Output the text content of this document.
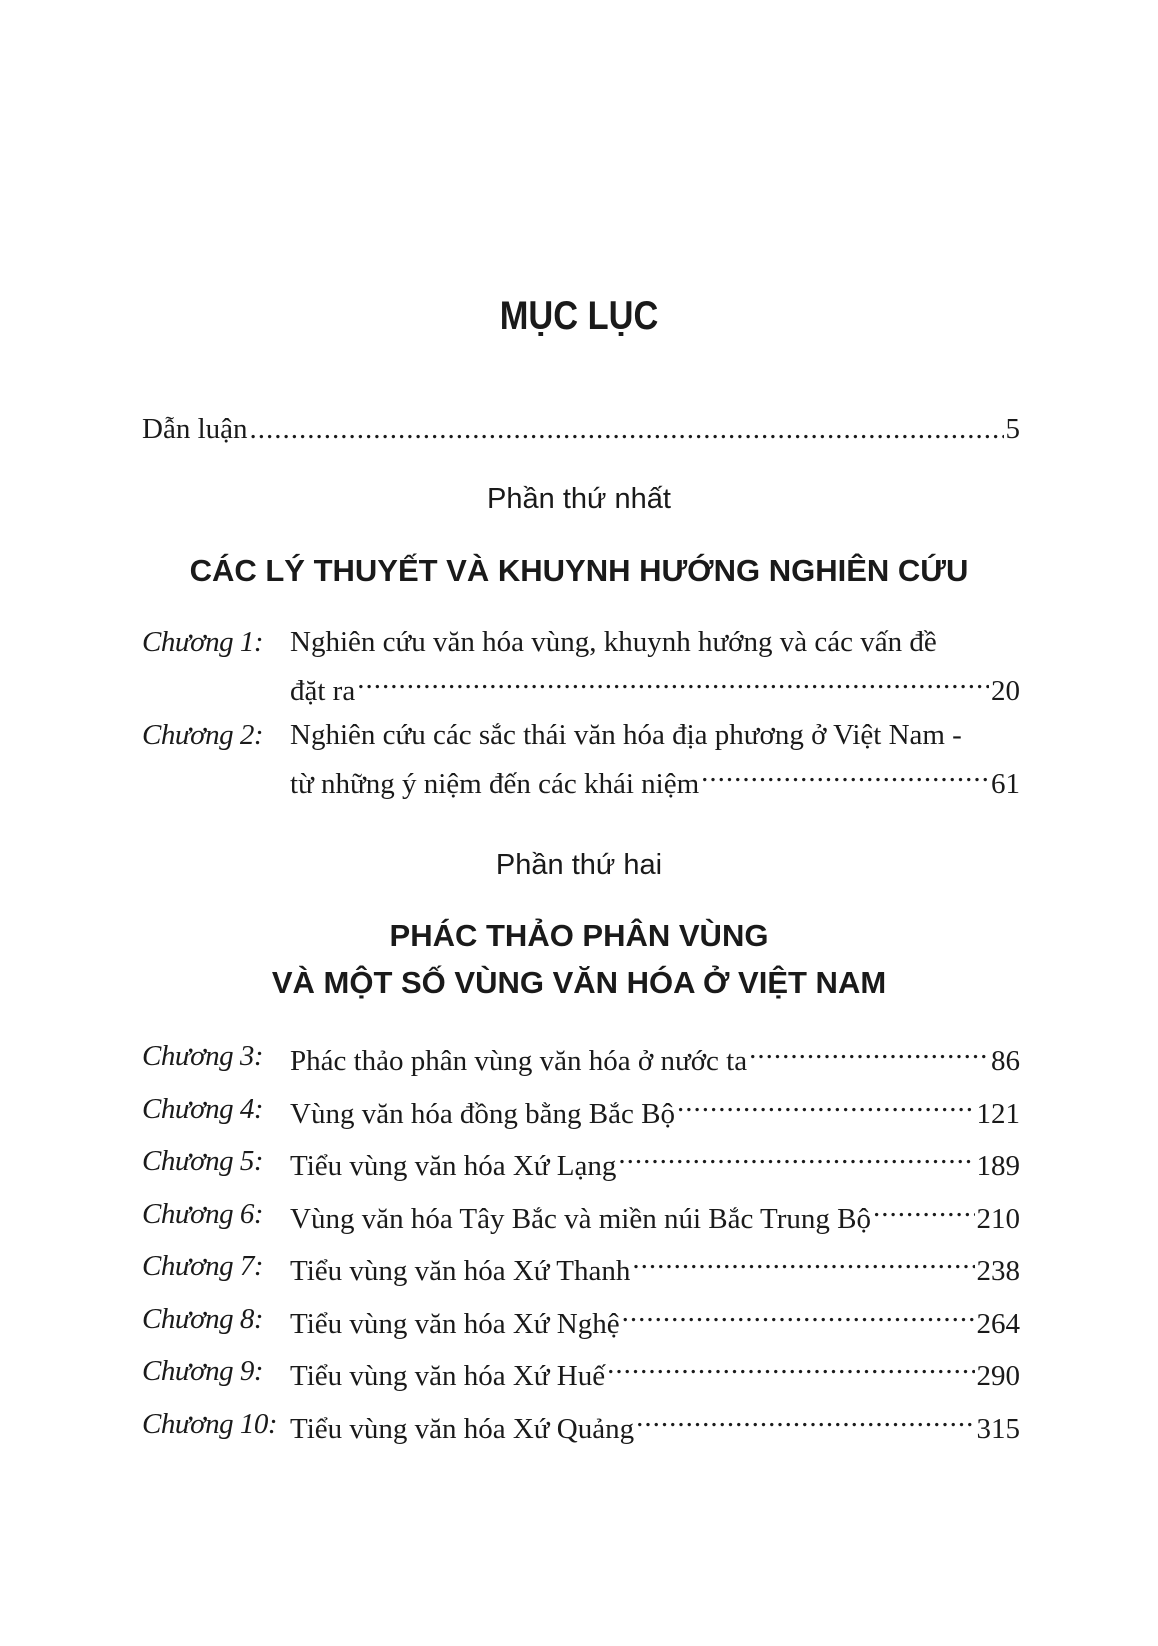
MỤC LỤC
Dẫn luận .....	5
Phần thứ nhất
CÁC LÝ THUYẾT VÀ KHUYNH HƯỚNG NGHIÊN CỨU
Chương 1: Nghiên cứu văn hóa vùng, khuynh hướng và các vấn đề
đặt ra .....	20
Chương 2: Nghiên cứu các sắc thái văn hóa địa phương ở Việt Nam -
từ những ý niệm đến các khái niệm .....	61
Phần thứ hai
PHÁC THẢO PHÂN VÙNG
VÀ MỘT SỐ VÙNG VĂN HÓA Ở VIỆT NAM
Chương 3: Phác thảo phân vùng văn hóa ở nước ta .....	86
Chương 4: Vùng văn hóa đồng bằng Bắc Bộ .....	121
Chương 5: Tiểu vùng văn hóa Xứ Lạng .....	189
Chương 6: Vùng văn hóa Tây Bắc và miền núi Bắc Trung Bộ .....	210
Chương 7: Tiểu vùng văn hóa Xứ Thanh .....	238
Chương 8: Tiểu vùng văn hóa Xứ Nghệ .....	264
Chương 9: Tiểu vùng văn hóa Xứ Huế .....	290
Chương 10: Tiểu vùng văn hóa Xứ Quảng .....	315
